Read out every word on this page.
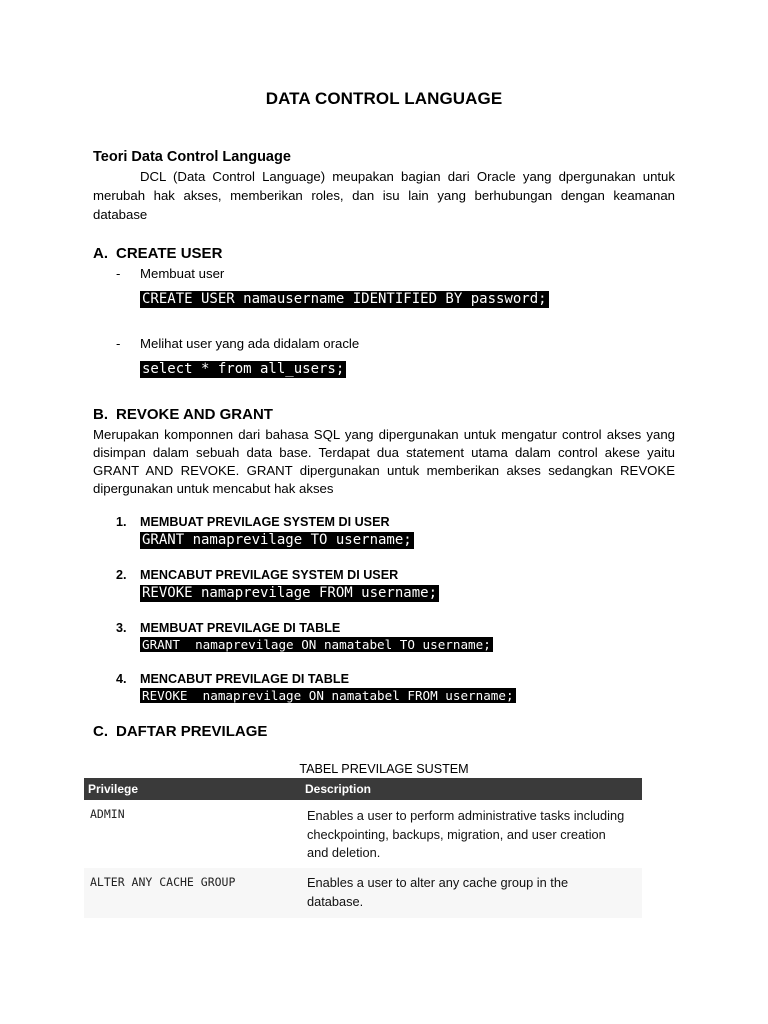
DATA CONTROL LANGUAGE
Teori Data Control Language
DCL (Data Control Language) meupakan bagian dari Oracle yang dpergunakan untuk merubah hak akses, memberikan roles, dan isu lain yang berhubungan dengan keamanan database
A. CREATE USER
- Membuat user
CREATE USER namausername IDENTIFIED BY password;
- Melihat user yang ada didalam oracle
select * from all_users;
B. REVOKE AND GRANT
Merupakan komponnen dari bahasa SQL yang dipergunakan untuk mengatur control akses yang disimpan dalam sebuah data base. Terdapat dua statement utama dalam control akese yaitu GRANT AND REVOKE. GRANT dipergunakan untuk memberikan akses sedangkan REVOKE dipergunakan untuk mencabut hak akses
1. MEMBUAT PREVILAGE SYSTEM DI USER
GRANT namaprevilage TO username;
2. MENCABUT PREVILAGE SYSTEM DI USER
REVOKE namaprevilage FROM username;
3. MEMBUAT PREVILAGE DI TABLE
GRANT  namaprevilage ON namatabel TO username;
4. MENCABUT PREVILAGE DI TABLE
REVOKE  namaprevilage ON namatabel FROM username;
C. DAFTAR PREVILAGE
TABEL PREVILAGE SUSTEM
Privilege	Description
ADMIN	Enables a user to perform administrative tasks including checkpointing, backups, migration, and user creation and deletion.
ALTER ANY CACHE GROUP	Enables a user to alter any cache group in the database.
